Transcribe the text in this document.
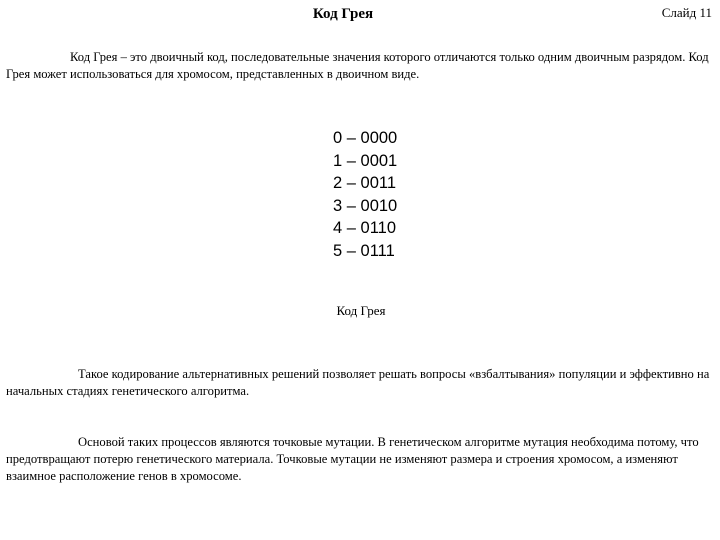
Код Грея	Слайд 11

Код Грея – это двоичный код, последовательные значения которого отличаются только одним двоичным разрядом. Код Грея может использоваться для хромосом, представленных в двоичном виде.

0 – 0000
1 – 0001
2 – 0011
3 – 0010
4 – 0110
5 – 0111
Код Грея

Такое кодирование альтернативных решений позволяет решать вопросы «взбалтывания» популяции и эффективно на начальных стадиях генетического алгоритма.

Основой таких процессов являются точковые мутации. В генетическом алгоритме мутация необходима потому, что предотвращают потерю генетического материала. Точковые мутации не изменяют размера и строения хромосом, а изменяют взаимное расположение генов в хромосоме.
